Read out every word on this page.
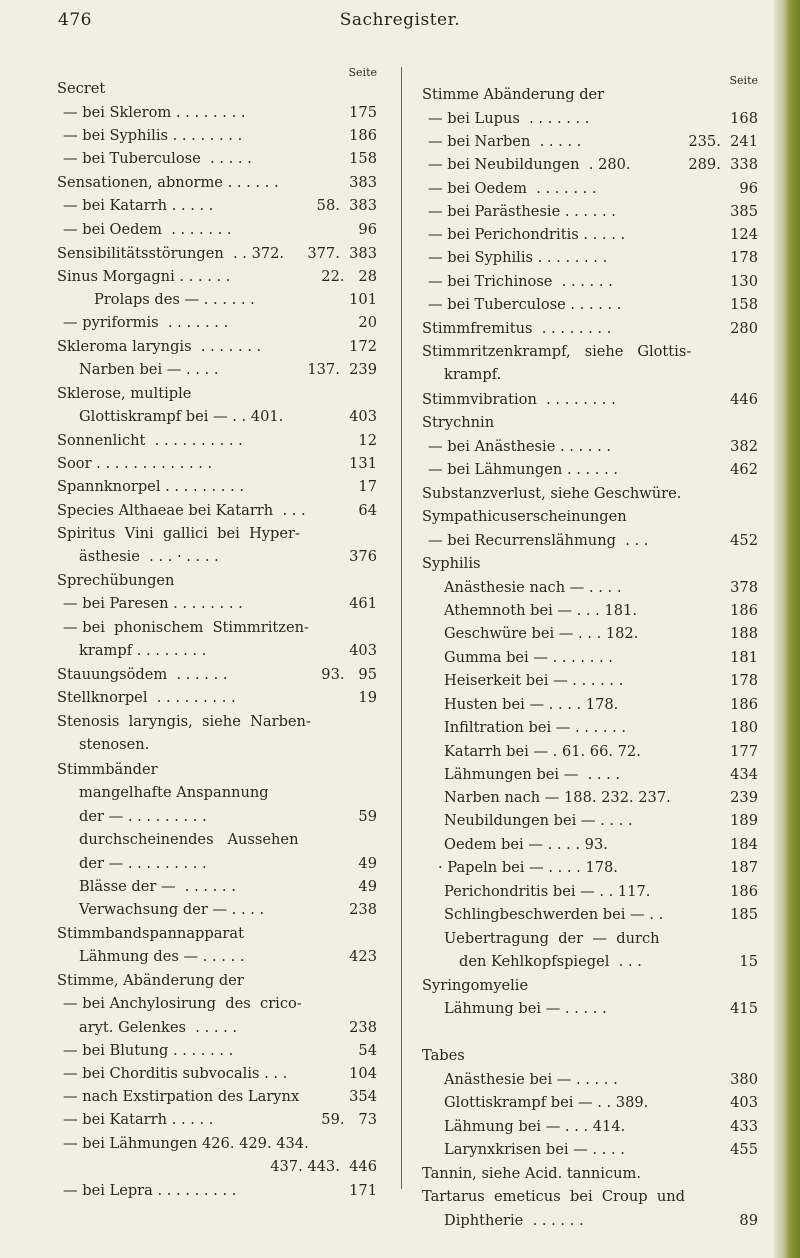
476	Sachregister.
Seite
Secret
— bei Sklerom . . . . . . . .	175
— bei Syphilis . . . . . . . .	186
— bei Tuberculose  . . . . .	158
Sensationen, abnorme . . . . . .	383
— bei Katarrh . . . . .	58.  383
— bei Oedem  . . . . . . .	96
Sensibilitätsstörungen  . . 372. 377.  383
Sinus Morgagni . . . . . .	22.   28
Prolaps des — . . . . . .	101
— pyriformis  . . . . . . .	20
Skleroma laryngis  . . . . . . .	172
Narben bei — . . . .	137.  239
Sklerose, multiple
Glottiskrampf bei — . . 401.	403
Sonnenlicht  . . . . . . . . . .	12
Soor . . . . . . . . . . . . .	131
Spannknorpel . . . . . . . . .	17
Species Althaeae bei Katarrh  . . .	64
Spiritus  Vini  gallici  bei  Hyper-
ästhesie  . . . · . . . .	376
Sprechübungen
— bei Paresen . . . . . . . .	461
— bei  phonischem  Stimmritzen-
krampf . . . . . . . .	403
Stauungsödem  . . . . . .	93.   95
Stellknorpel  . . . . . . . . .	19
Stenosis  laryngis,  siehe  Narben-
stenosen.
Stimmbänder
mangelhafte Anspannung
der — . . . . . . . . .	59
durchscheinendes   Aussehen
der — . . . . . . . . .	49
Blässe der —  . . . . . .	49
Verwachsung der — . . . .	238
Stimmbandspannapparat
Lähmung des — . . . . .	423
Stimme, Abänderung der
— bei Anchylosirung  des  crico-
aryt. Gelenkes  . . . . .	238
— bei Blutung . . . . . . .	54
— bei Chorditis subvocalis . . .	104
— nach Exstirpation des Larynx	354
— bei Katarrh . . . . .	59.   73
— bei Lähmungen 426. 429. 434.
437. 443.  446
— bei Lepra . . . . . . . . .	171
Seite
Stimme Abänderung der
— bei Lupus  . . . . . . .	168
— bei Narben  . . . . .	235.  241
— bei Neubildungen  . 280.	289.  338
— bei Oedem  . . . . . . .	96
— bei Parästhesie . . . . . .	385
— bei Perichondritis . . . . .	124
— bei Syphilis . . . . . . . .	178
— bei Trichinose  . . . . . .	130
— bei Tuberculose . . . . . .	158
Stimmfremitus  . . . . . . . .	280
Stimmritzenkrampf,   siehe   Glottis-
krampf.
Stimmvibration  . . . . . . . .	446
Strychnin
— bei Anästhesie . . . . . .	382
— bei Lähmungen . . . . . .	462
Substanzverlust, siehe Geschwüre.
Sympathicuserscheinungen
— bei Recurrenslähmung  . . .	452
Syphilis
Anästhesie nach — . . . .	378
Athemnoth bei — . . . 181.	186
Geschwüre bei — . . . 182.	188
Gumma bei — . . . . . . .	181
Heiserkeit bei — . . . . . .	178
Husten bei — . . . . 178.	186
Infiltration bei — . . . . . .	180
Katarrh bei — . 61. 66. 72.	177
Lähmungen bei —  . . . .	434
Narben nach — 188. 232. 237.	239
Neubildungen bei — . . . .	189
Oedem bei — . . . . 93.	184
· Papeln bei — . . . . 178.	187
Perichondritis bei — . . 117.	186
Schlingbeschwerden bei — . .	185
Uebertragung  der  —  durch
den Kehlkopfspiegel  . . .	15
Syringomyelie
Lähmung bei — . . . . .	415
Tabes
Anästhesie bei — . . . . .	380
Glottiskrampf bei — . . 389.	403
Lähmung bei — . . . 414.	433
Larynxkrisen bei — . . . .	455
Tannin, siehe Acid. tannicum.
Tartarus  emeticus  bei  Croup  und
Diphtherie  . . . . . .	89
